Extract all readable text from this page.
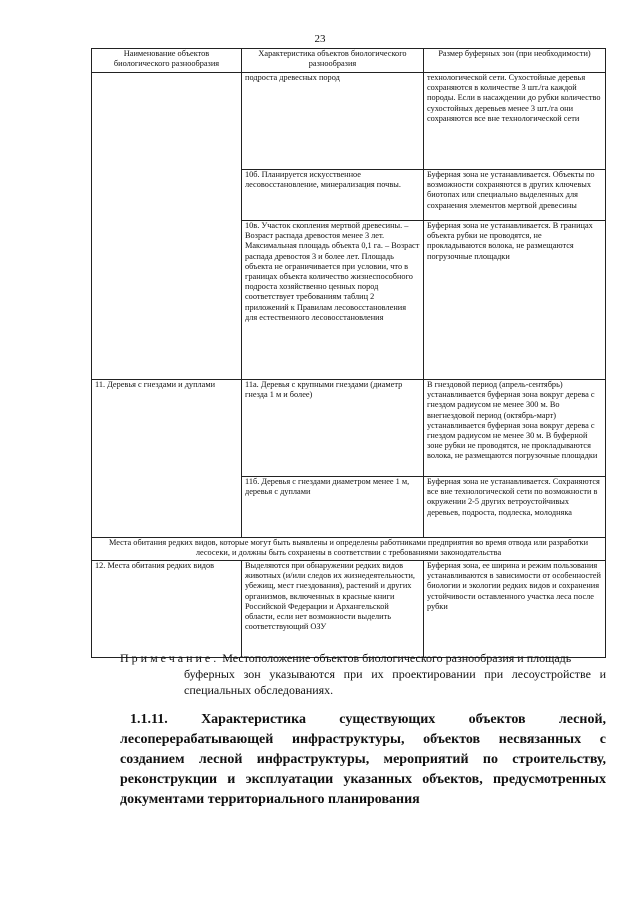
23
Наименование объектов биологического разнообразия	Характеристика объектов биологического разнообразия	Размер буферных зон (при необходимости)
	подроста древесных пород	технологической сети. Сухостойные деревья сохраняются в количестве 3 шт./га каждой породы. Если в насаждении до рубки количество сухостойных деревьев менее 3 шт./га они сохраняются все вне технологической сети
	10б. Планируется искусственное лесовосстановление, минерализация почвы.	Буферная зона не устанавливается. Объекты по возможности сохраняются в других ключевых биотопах или специально выделенных для сохранения элементов мертвой древесины
	10в. Участок скопления мертвой древесины. – Возраст распада древостоя менее 3 лет. Максимальная площадь объекта 0,1 га. – Возраст распада древостоя 3 и более лет. Площадь объекта не ограничивается при условии, что в границах объекта количество жизнеспособного подроста хозяйственно ценных пород соответствует требованиям таблиц 2 приложений к Правилам лесовосстановления для естественного лесовосстановления	Буферная зона не устанавливается. В границах объекта рубки не проводятся, не прокладываются волока, не размещаются погрузочные площадки
11. Деревья с гнездами и дуплами	11а. Деревья с крупными гнездами (диаметр гнезда 1 м и более)	В гнездовой период (апрель-сентябрь) устанавливается буферная зона вокруг дерева с гнездом радиусом не менее 300 м. Во внегнездовой период (октябрь-март) устанавливается буферная зона вокруг дерева с гнездом радиусом не менее 30 м. В буферной зоне рубки не проводятся, не прокладываются волока, не размещаются погрузочные площадки
	11б. Деревья с гнездами диаметром менее 1 м, деревья с дуплами	Буферная зона не устанавливается. Сохраняются все вне технологической сети по возможности в окружении 2-5 других ветроустойчивых деревьев, подроста, подлеска, молодняка
Места обитания редких видов, которые могут быть выявлены и определены работниками предприятия во время отвода или разработки лесосеки, и должны быть сохранены в соответствии с требованиями законодательства		
12. Места обитания редких видов	Выделяются при обнаружении редких видов животных (и/или следов их жизнедеятельности, убежищ, мест гнездования), растений и других организмов, включенных в красные книги Российской Федерации и Архангельской области, если нет возможности выделить соответствующий ОЗУ	Буферная зона, ее ширина и режим пользования устанавливаются в зависимости от особенностей биологии и экологии редких видов и сохранения устойчивости оставленного участка леса после рубки
Примечание. Местоположение объектов биологического разнообразия и площадь
буферных зон указываются при их проектировании при лесоустройстве и специальных обследованиях.
1.1.11. Характеристика существующих объектов лесной, лесоперерабатывающей инфраструктуры, объектов несвязанных с созданием лесной инфраструктуры, мероприятий по строительству, реконструкции и эксплуатации указанных объектов, предусмотренных документами территориального планирования
